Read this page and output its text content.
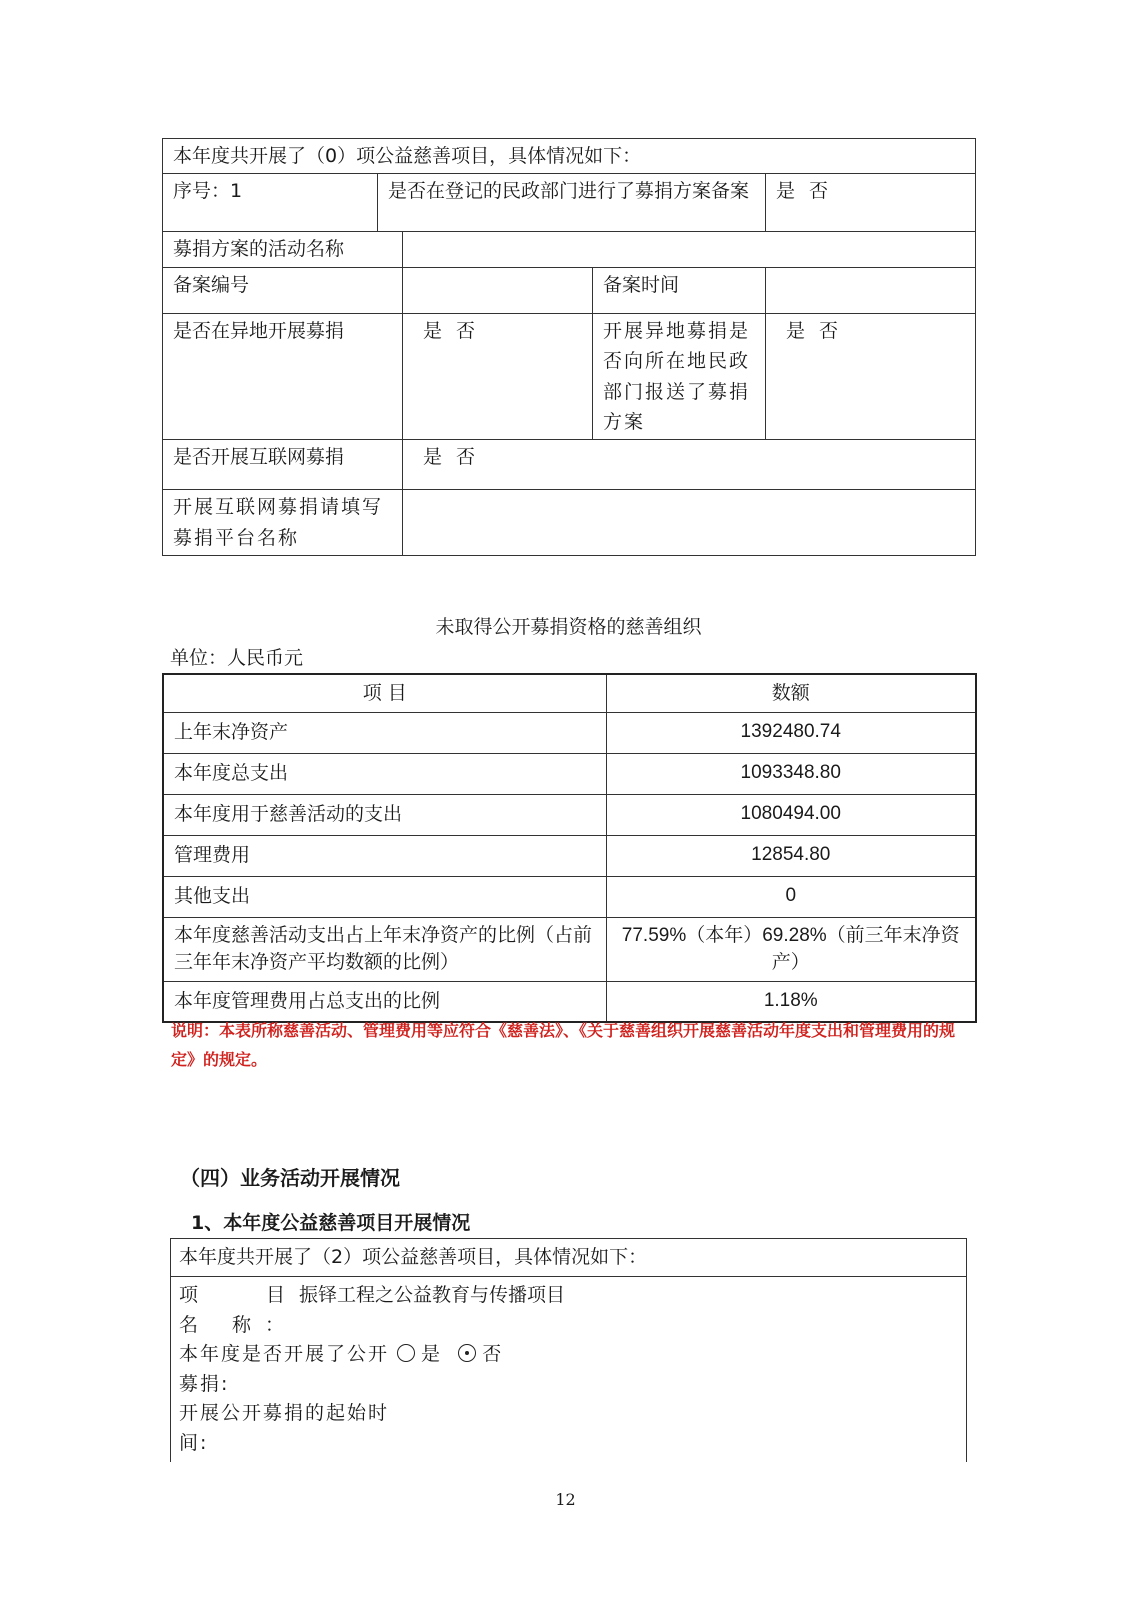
本年度共开展了（0）项公益慈善项目，具体情况如下：				
序号：1	是否在登记的民政部门进行了募捐方案备案			是 否
募捐方案的活动名称				
备案编号			备案时间	
是否在异地开展募捐		是 否	开展异地募捐是否向所在地民政部门报送了募捐方案	是 否
是否开展互联网募捐		是 否		
开展互联网募捐请填写募捐平台名称				
未取得公开募捐资格的慈善组织
单位：人民币元
项 目	数额
上年末净资产	1392480.74
本年度总支出	1093348.80
本年度用于慈善活动的支出	1080494.00
管理费用	12854.80
其他支出	0
本年度慈善活动支出占上年末净资产的比例（占前三年年末净资产平均数额的比例）	77.59%（本年）69.28%（前三年末净资产）
本年度管理费用占总支出的比例	1.18%
说明：本表所称慈善活动、管理费用等应符合《慈善法》、《关于慈善组织开展慈善活动年度支出和管理费用的规定》的规定。
（四）业务活动开展情况
1、本年度公益慈善项目开展情况
本年度共开展了（2）项公益慈善项目，具体情况如下：

项 目 名 称：
振铎工程之公益教育与传播项目
本年度是否开展了公开募捐:
是 否
开展公开募捐的起始时间:
12
